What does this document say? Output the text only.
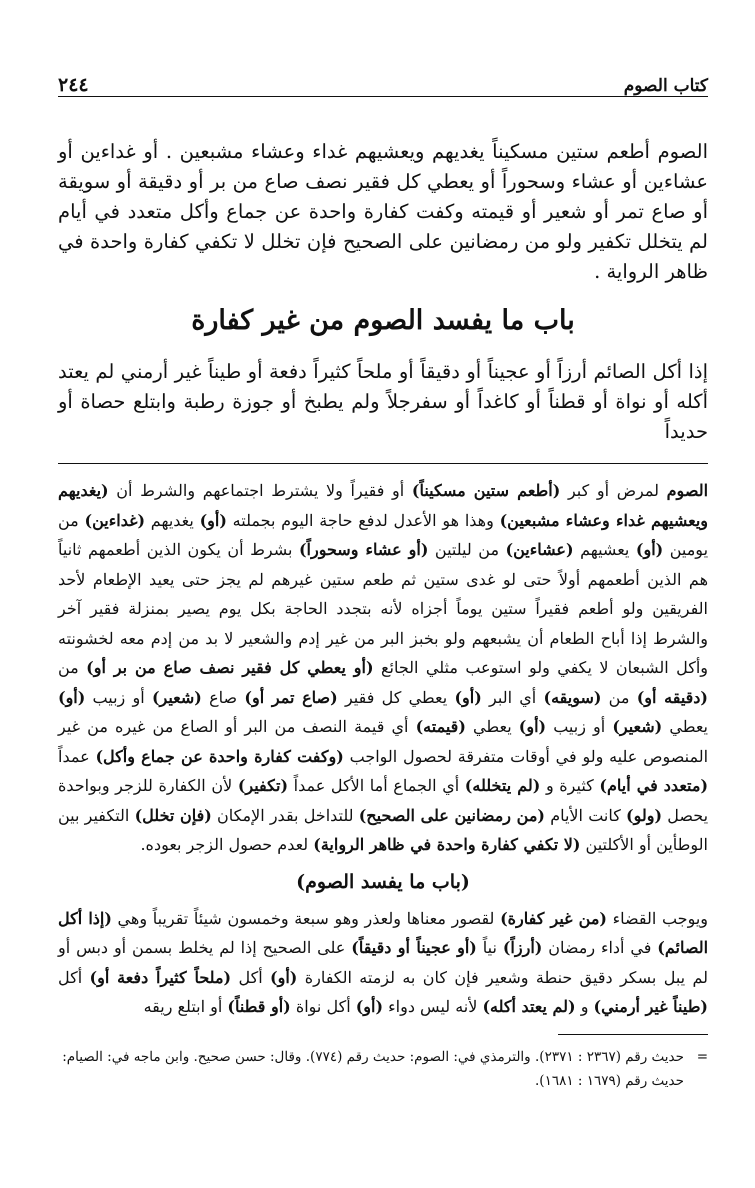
كتاب الصوم
٢٤٤

الصوم أطعم ستين مسكيناً يغديهم ويعشيهم غداء وعشاء مشبعين . أو غداءين أو عشاءين أو عشاء وسحوراً أو يعطي كل فقير نصف صاع من بر أو دقيقة أو سويقة أو صاع تمر أو شعير أو قيمته وكفت كفارة واحدة عن جماع وأكل متعدد في أيام لم يتخلل تكفير ولو من رمضانين على الصحيح فإن تخلل لا تكفي كفارة واحدة في ظاهر الرواية .

باب ما يفسد الصوم من غير كفارة

إذا أكل الصائم أرزاً أو عجيناً أو دقيقاً أو ملحاً كثيراً دفعة أو طيناً غير أرمني لم يعتد أكله أو نواة أو قطناً أو كاغداً أو سفرجلاً ولم يطبخ أو جوزة رطبة وابتلع حصاة أو حديداً

الصوم لمرض أو كبر (أطعم ستين مسكيناً) أو فقيراً ولا يشترط اجتماعهم والشرط أن (يغديهم ويعشيهم غداء وعشاء مشبعين) وهذا هو الأعدل لدفع حاجة اليوم بجملته (أو) يغديهم (غداءين) من يومين (أو) يعشيهم (عشاءين) من ليلتين (أو عشاء وسحوراً) بشرط أن يكون الذين أطعمهم ثانياً هم الذين أطعمهم أولاً حتى لو غدى ستين ثم طعم ستين غيرهم لم يجز حتى يعيد الإطعام لأحد الفريقين ولو أطعم فقيراً ستين يوماً أجزاه لأنه بتجدد الحاجة بكل يوم يصير بمنزلة فقير آخر والشرط إذا أباح الطعام أن يشبعهم ولو بخبز البر من غير إدم والشعير لا بد من إدم معه لخشونته وأكل الشبعان لا يكفي ولو استوعب مثلي الجائع (أو يعطي كل فقير نصف صاع من بر أو) من (دقيقه أو) من (سويقه) أي البر (أو) يعطي كل فقير (صاع تمر أو) صاع (شعير) أو زبيب (أو) يعطي (شعير) أو زبيب (أو) يعطي (قيمته) أي قيمة النصف من البر أو الصاع من غيره من غير المنصوص عليه ولو في أوقات متفرقة لحصول الواجب (وكفت كفارة واحدة عن جماع وأكل) عمداً (متعدد في أيام) كثيرة و (لم يتخلله) أي الجماع أما الأكل عمداً (تكفير) لأن الكفارة للزجر وبواحدة يحصل (ولو) كانت الأيام (من رمضانين على الصحيح) للتداخل بقدر الإمكان (فإن تخلل) التكفير بين الوطأين أو الأكلتين (لا تكفي كفارة واحدة في ظاهر الرواية) لعدم حصول الزجر بعوده.

(باب ما يفسد الصوم)

ويوجب القضاء (من غير كفارة) لقصور معناها ولعذر وهو سبعة وخمسون شيئاً تقريباً وهي (إذا أكل الصائم) في أداء رمضان (أرزاً) نياً (أو عجيناً أو دقيقاً) على الصحيح إذا لم يخلط بسمن أو دبس أو لم يبل بسكر دقيق حنطة وشعير فإن كان به لزمته الكفارة (أو) أكل (ملحاً كثيراً دفعة أو) أكل (طيناً غير أرمني) و (لم يعتد أكله) لأنه ليس دواء (أو) أكل نواة (أو قطناً) أو ابتلع ريقه

=
حديث رقم (٢٣٦٧ : ٢٣٧١). والترمذي في: الصوم: حديث رقم (٧٧٤). وقال: حسن صحيح. وابن ماجه في: الصيام: حديث رقم (١٦٧٩ : ١٦٨١).
